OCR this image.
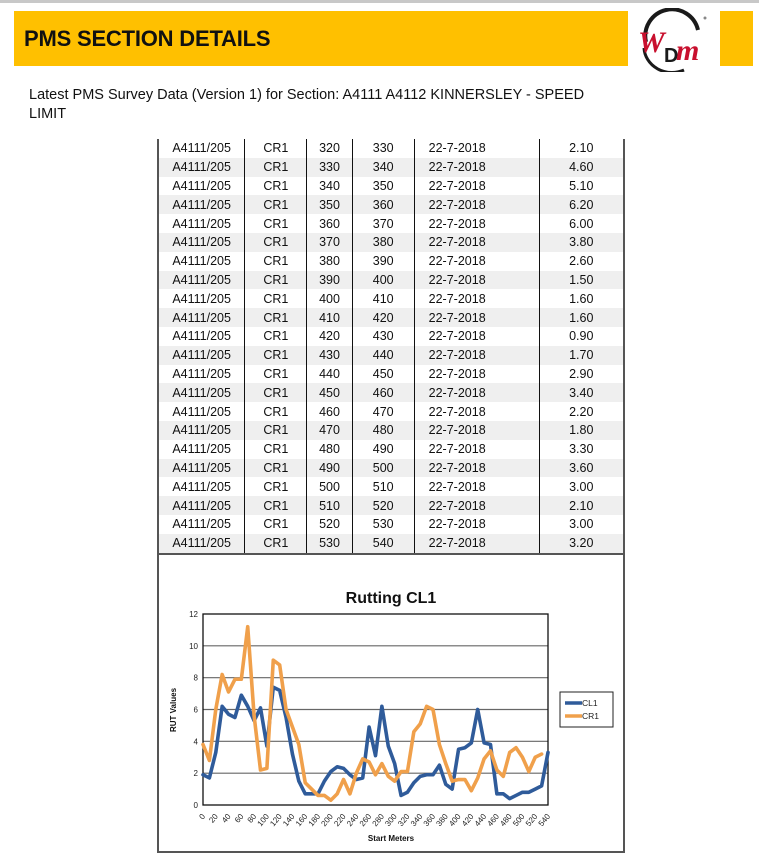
PMS SECTION DETAILS	W D
m
Latest PMS Survey Data (Version 1) for Section: A4111 A4112 KINNERSLEY - SPEED LIMIT
A4111/205	CR1	320	330	22-7-2018	2.10
A4111/205	CR1	330	340	22-7-2018	4.60
A4111/205	CR1	340	350	22-7-2018	5.10
A4111/205	CR1	350	360	22-7-2018	6.20
A4111/205	CR1	360	370	22-7-2018	6.00
A4111/205	CR1	370	380	22-7-2018	3.80
A4111/205	CR1	380	390	22-7-2018	2.60
A4111/205	CR1	390	400	22-7-2018	1.50
A4111/205	CR1	400	410	22-7-2018	1.60
A4111/205	CR1	410	420	22-7-2018	1.60
A4111/205	CR1	420	430	22-7-2018	0.90
A4111/205	CR1	430	440	22-7-2018	1.70
A4111/205	CR1	440	450	22-7-2018	2.90
A4111/205	CR1	450	460	22-7-2018	3.40
A4111/205	CR1	460	470	22-7-2018	2.20
A4111/205	CR1	470	480	22-7-2018	1.80
A4111/205	CR1	480	490	22-7-2018	3.30
A4111/205	CR1	490	500	22-7-2018	3.60
A4111/205	CR1	500	510	22-7-2018	3.00
A4111/205	CR1	510	520	22-7-2018	2.10
A4111/205	CR1	520	530	22-7-2018	3.00
A4111/205	CR1	530	540	22-7-2018	3.20
Rutting CL1
0
2
4
6
8
10
12
0 20 40 60 80
100
120
140
160
180
200
220
240
260
280
300
320
340
360
380
400
420
440
460
480
500
520
540
Start Meters
RUT Values	CL1
CR1
